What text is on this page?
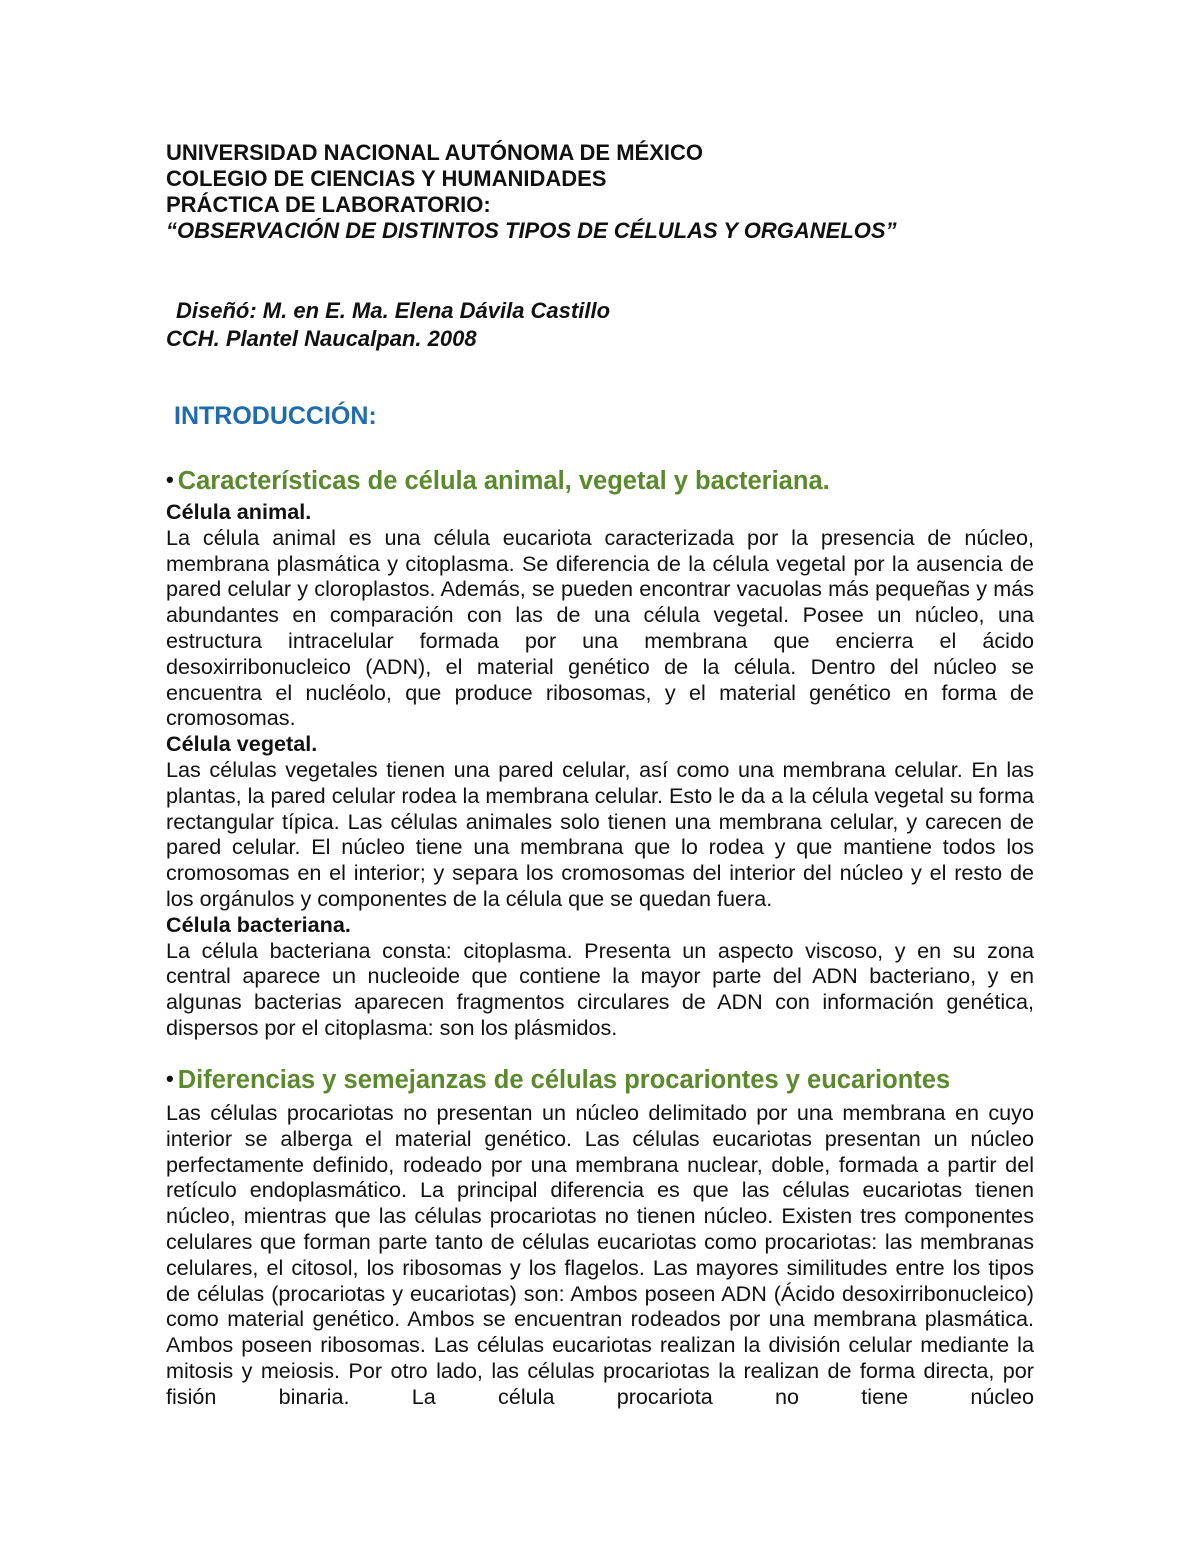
UNIVERSIDAD NACIONAL AUTÓNOMA DE MÉXICO
COLEGIO DE CIENCIAS Y HUMANIDADES
PRÁCTICA DE LABORATORIO:
“OBSERVACIÓN DE DISTINTOS TIPOS DE CÉLULAS Y ORGANELOS”
Diseñó: M. en E. Ma. Elena Dávila Castillo
CCH. Plantel Naucalpan. 2008
INTRODUCCIÓN:
• Características de célula animal, vegetal y bacteriana.
Célula animal.
La célula animal es una célula eucariota caracterizada por la presencia de núcleo, membrana plasmática y citoplasma. Se diferencia de la célula vegetal por la ausencia de pared celular y cloroplastos. Además, se pueden encontrar vacuolas más pequeñas y más abundantes en comparación con las de una célula vegetal. Posee un núcleo, una estructura intracelular formada por una membrana que encierra el ácido desoxirribonucleico (ADN), el material genético de la célula. Dentro del núcleo se encuentra el nucléolo, que produce ribosomas, y el material genético en forma de cromosomas.
Célula vegetal.
Las células vegetales tienen una pared celular, así como una membrana celular. En las plantas, la pared celular rodea la membrana celular. Esto le da a la célula vegetal su forma rectangular típica. Las células animales solo tienen una membrana celular, y carecen de pared celular. El núcleo tiene una membrana que lo rodea y que mantiene todos los cromosomas en el interior; y separa los cromosomas del interior del núcleo y el resto de los orgánulos y componentes de la célula que se quedan fuera.
Célula bacteriana.
La célula bacteriana consta: citoplasma. Presenta un aspecto viscoso, y en su zona central aparece un nucleoide que contiene la mayor parte del ADN bacteriano, y en algunas bacterias aparecen fragmentos circulares de ADN con información genética, dispersos por el citoplasma: son los plásmidos.
• Diferencias y semejanzas de células procariontes y eucariontes
Las células procariotas no presentan un núcleo delimitado por una membrana en cuyo interior se alberga el material genético. Las células eucariotas presentan un núcleo perfectamente definido, rodeado por una membrana nuclear, doble, formada a partir del retículo endoplasmático. La principal diferencia es que las células eucariotas tienen núcleo, mientras que las células procariotas no tienen núcleo. Existen tres componentes celulares que forman parte tanto de células eucariotas como procariotas: las membranas celulares, el citosol, los ribosomas y los flagelos. Las mayores similitudes entre los tipos de células (procariotas y eucariotas) son: Ambos poseen ADN (Ácido desoxirribonucleico) como material genético. Ambos se encuentran rodeados por una membrana plasmática. Ambos poseen ribosomas. Las células eucariotas realizan la división celular mediante la mitosis y meiosis. Por otro lado, las células procariotas la realizan de forma directa, por fisión binaria. La célula procariota no tiene núcleo
